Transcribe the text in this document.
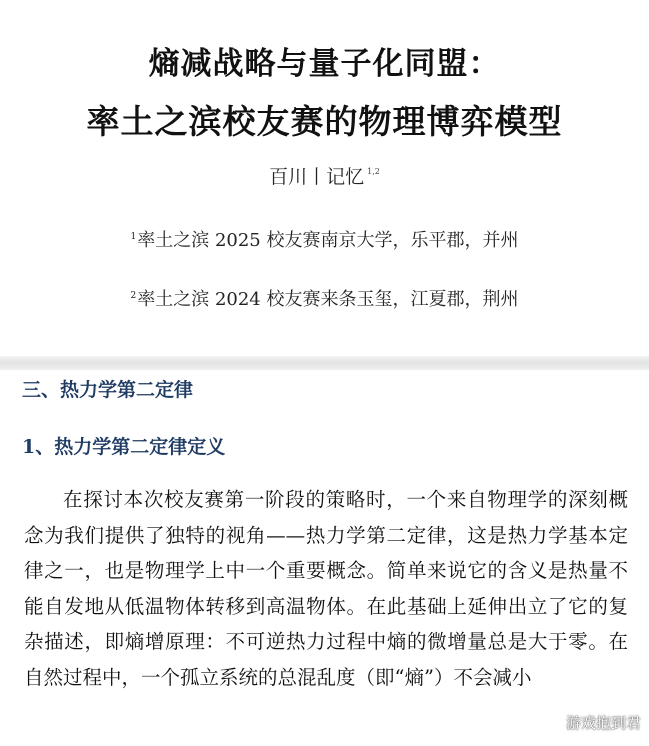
熵减战略与量子化同盟：
率土之滨校友赛的物理博弈模型
百川丨记忆 $^{1,2}$
$^1$率土之滨 2025 校友赛南京大学，乐平郡，并州
$^2$率土之滨 2024 校友赛来条玉玺，江夏郡，荆州
三、热力学第二定律
1、热力学第二定律定义
在探讨本次校友赛第一阶段的策略时，一个来自物理学的深刻概
念为我们提供了独特的视角——热力学第二定律，这是热力学基本定
律之一，也是物理学上中一个重要概念。简单来说它的含义是热量不
能自发地从低温物体转移到高温物体。在此基础上延伸出立了它的复
杂描述，即熵增原理：不可逆热力过程中熵的微增量总是大于零。在
自然过程中，一个孤立系统的总混乱度（即“熵”）不会减小
游戏抱到君
